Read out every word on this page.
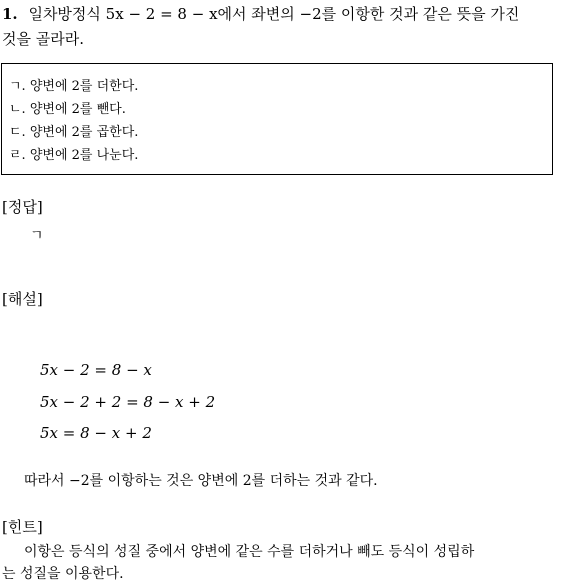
1. 일차방정식 5x − 2 = 8 − x에서 좌변의 −2를 이항한 것과 같은 뜻을 가진
것을 골라라.
ㄱ. 양변에 2를 더한다.
ㄴ. 양변에 2를 뺀다.
ㄷ. 양변에 2를 곱한다.
ㄹ. 양변에 2를 나눈다.
[정답]
ㄱ
[해설]
5x − 2 = 8 − x
5x − 2 + 2 = 8 − x + 2
5x = 8 − x + 2
따라서 −2를 이항하는 것은 양변에 2를 더하는 것과 같다.
[힌트]
이항은 등식의 성질 중에서 양변에 같은 수를 더하거나 빼도 등식이 성립하
는 성질을 이용한다.
